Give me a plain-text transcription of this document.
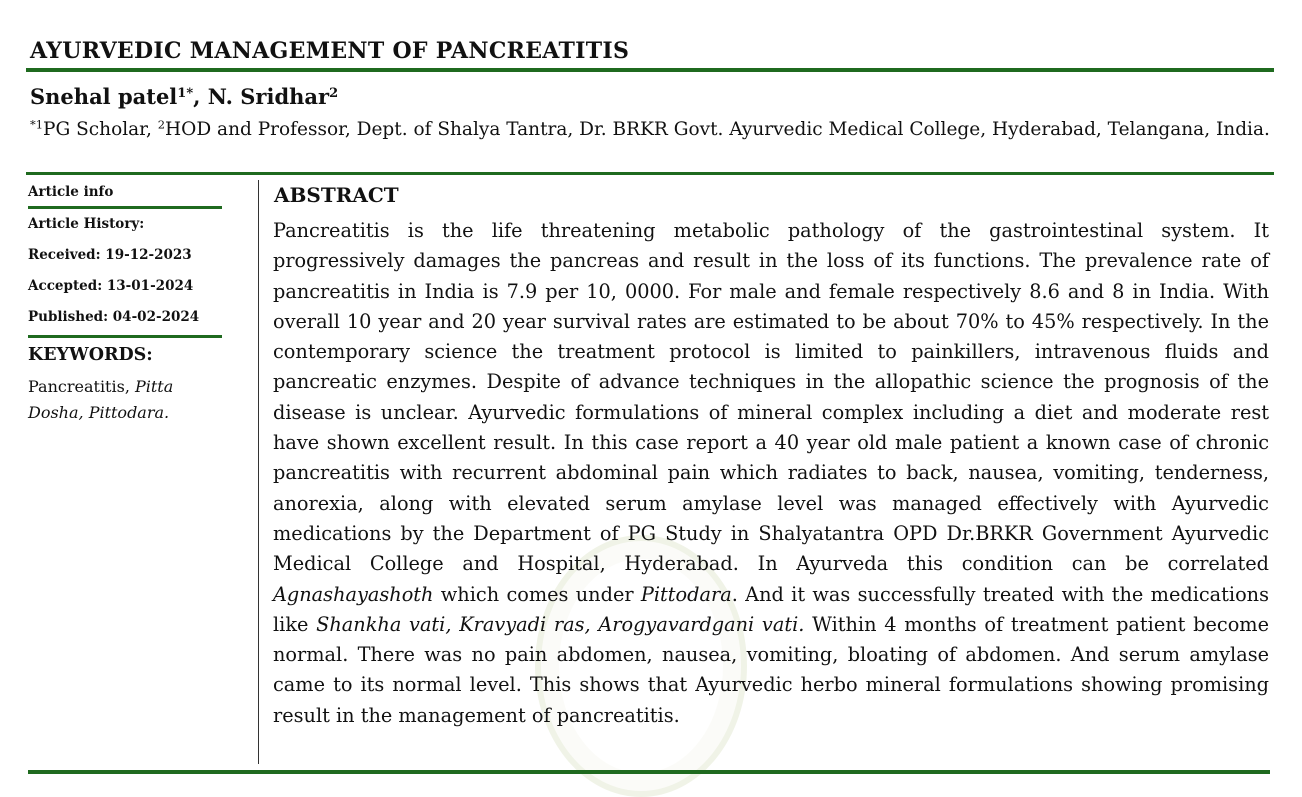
AYURVEDIC MANAGEMENT OF PANCREATITIS
Snehal patel$^{1*}$, N. Sridhar$^2$
$^{*1}$PG Scholar, $^2$HOD and Professor, Dept. of Shalya Tantra, Dr. BRKR Govt. Ayurvedic Medical College, Hyderabad, Telangana, India.
Article info
Article History:
Received: 19-12-2023
Accepted: 13-01-2024
Published: 04-02-2024
KEYWORDS:
Pancreatitis, Pitta Dosha, Pittodara.
ABSTRACT
Pancreatitis is the life threatening metabolic pathology of the gastrointestinal system. It progressively damages the pancreas and result in the loss of its functions. The prevalence rate of pancreatitis in India is 7.9 per 10, 0000. For male and female respectively 8.6 and 8 in India. With overall 10 year and 20 year survival rates are estimated to be about 70% to 45% respectively. In the contemporary science the treatment protocol is limited to painkillers, intravenous fluids and pancreatic enzymes. Despite of advance techniques in the allopathic science the prognosis of the disease is unclear. Ayurvedic formulations of mineral complex including a diet and moderate rest have shown excellent result. In this case report a 40 year old male patient a known case of chronic pancreatitis with recurrent abdominal pain which radiates to back, nausea, vomiting, tenderness, anorexia, along with elevated serum amylase level was managed effectively with Ayurvedic medications by the Department of PG Study in Shalyatantra OPD Dr.BRKR Government Ayurvedic Medical College and Hospital, Hyderabad. In Ayurveda this condition can be correlated Agnashayashoth which comes under Pittodara. And it was successfully treated with the medications like Shankha vati, Kravyadi ras, Arogyavardgani vati. Within 4 months of treatment patient become normal. There was no pain abdomen, nausea, vomiting, bloating of abdomen. And serum amylase came to its normal level. This shows that Ayurvedic herbo mineral formulations showing promising result in the management of pancreatitis.
